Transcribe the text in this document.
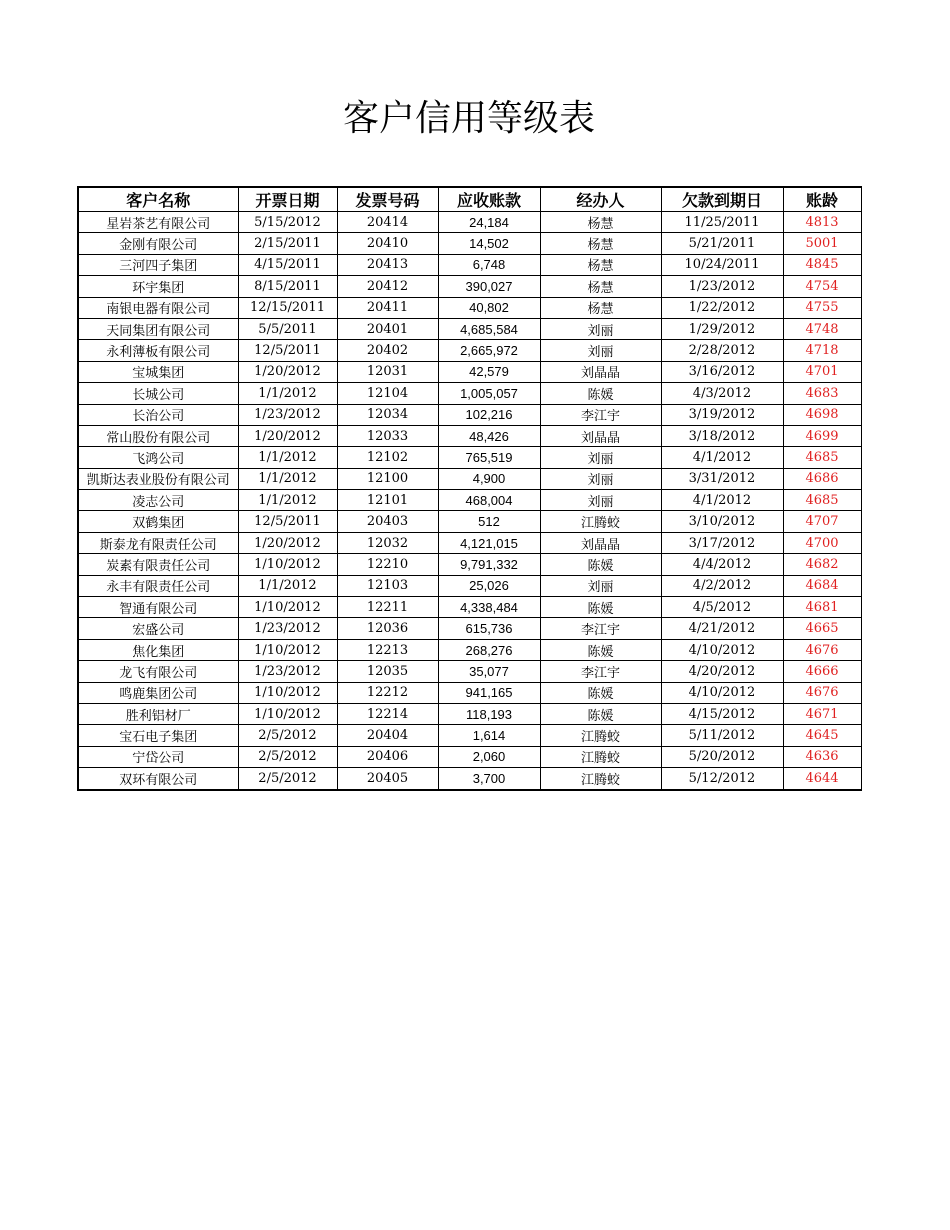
客户信用等级表
客户名称	开票日期	发票号码	应收账款	经办人	欠款到期日	账龄
星岩茶艺有限公司	5/15/2012	20414	24,184	杨慧	11/25/2011	4813
金刚有限公司	2/15/2011	20410	14,502	杨慧	5/21/2011	5001
三河四子集团	4/15/2011	20413	6,748	杨慧	10/24/2011	4845
环宇集团	8/15/2011	20412	390,027	杨慧	1/23/2012	4754
南银电器有限公司	12/15/2011	20411	40,802	杨慧	1/22/2012	4755
天同集团有限公司	5/5/2011	20401	4,685,584	刘丽	1/29/2012	4748
永利薄板有限公司	12/5/2011	20402	2,665,972	刘丽	2/28/2012	4718
宝城集团	1/20/2012	12031	42,579	刘晶晶	3/16/2012	4701
长城公司	1/1/2012	12104	1,005,057	陈媛	4/3/2012	4683
长治公司	1/23/2012	12034	102,216	李江宇	3/19/2012	4698
常山股份有限公司	1/20/2012	12033	48,426	刘晶晶	3/18/2012	4699
飞鸿公司	1/1/2012	12102	765,519	刘丽	4/1/2012	4685
凯斯达表业股份有限公司	1/1/2012	12100	4,900	刘丽	3/31/2012	4686
凌志公司	1/1/2012	12101	468,004	刘丽	4/1/2012	4685
双鹤集团	12/5/2011	20403	512	江腾蛟	3/10/2012	4707
斯泰龙有限责任公司	1/20/2012	12032	4,121,015	刘晶晶	3/17/2012	4700
炭素有限责任公司	1/10/2012	12210	9,791,332	陈媛	4/4/2012	4682
永丰有限责任公司	1/1/2012	12103	25,026	刘丽	4/2/2012	4684
智通有限公司	1/10/2012	12211	4,338,484	陈媛	4/5/2012	4681
宏盛公司	1/23/2012	12036	615,736	李江宇	4/21/2012	4665
焦化集团	1/10/2012	12213	268,276	陈媛	4/10/2012	4676
龙飞有限公司	1/23/2012	12035	35,077	李江宇	4/20/2012	4666
鸣鹿集团公司	1/10/2012	12212	941,165	陈媛	4/10/2012	4676
胜利铝材厂	1/10/2012	12214	118,193	陈媛	4/15/2012	4671
宝石电子集团	2/5/2012	20404	1,614	江腾蛟	5/11/2012	4645
宁岱公司	2/5/2012	20406	2,060	江腾蛟	5/20/2012	4636
双环有限公司	2/5/2012	20405	3,700	江腾蛟	5/12/2012	4644
